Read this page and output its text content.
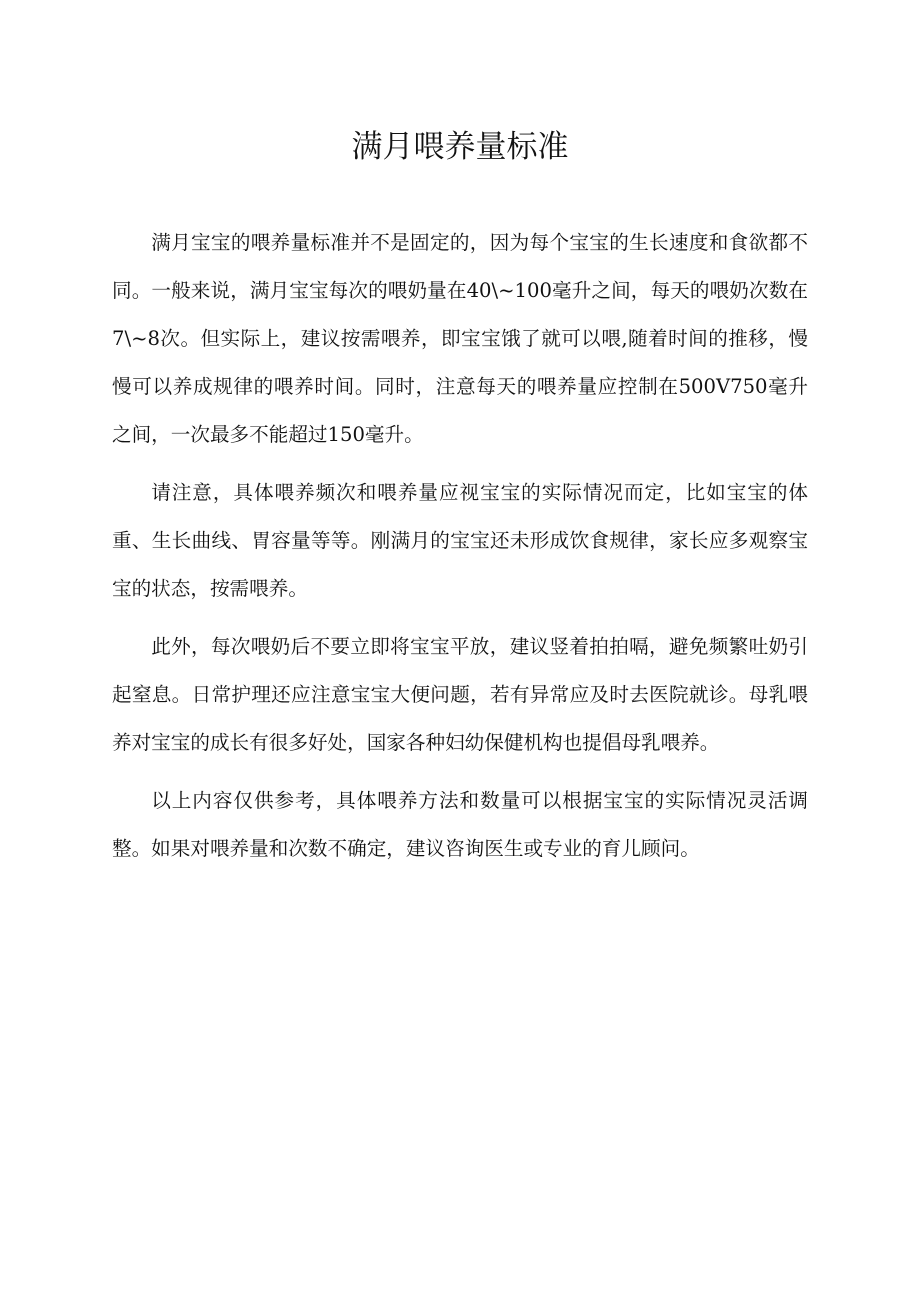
满月喂养量标准

满月宝宝的喂养量标准并不是固定的，因为每个宝宝的生长速度和食欲都不同。一般来说，满月宝宝每次的喂奶量在40\~100毫升之间，每天的喂奶次数在7\~8次。但实际上，建议按需喂养，即宝宝饿了就可以喂,随着时间的推移，慢慢可以养成规律的喂养时间。同时，注意每天的喂养量应控制在500V750毫升之间，一次最多不能超过150毫升。

请注意，具体喂养频次和喂养量应视宝宝的实际情况而定，比如宝宝的体重、生长曲线、胃容量等等。刚满月的宝宝还未形成饮食规律，家长应多观察宝宝的状态，按需喂养。

此外，每次喂奶后不要立即将宝宝平放，建议竖着拍拍嗝，避免频繁吐奶引起窒息。日常护理还应注意宝宝大便问题，若有异常应及时去医院就诊。母乳喂养对宝宝的成长有很多好处，国家各种妇幼保健机构也提倡母乳喂养。

以上内容仅供参考，具体喂养方法和数量可以根据宝宝的实际情况灵活调整。如果对喂养量和次数不确定，建议咨询医生或专业的育儿顾问。
